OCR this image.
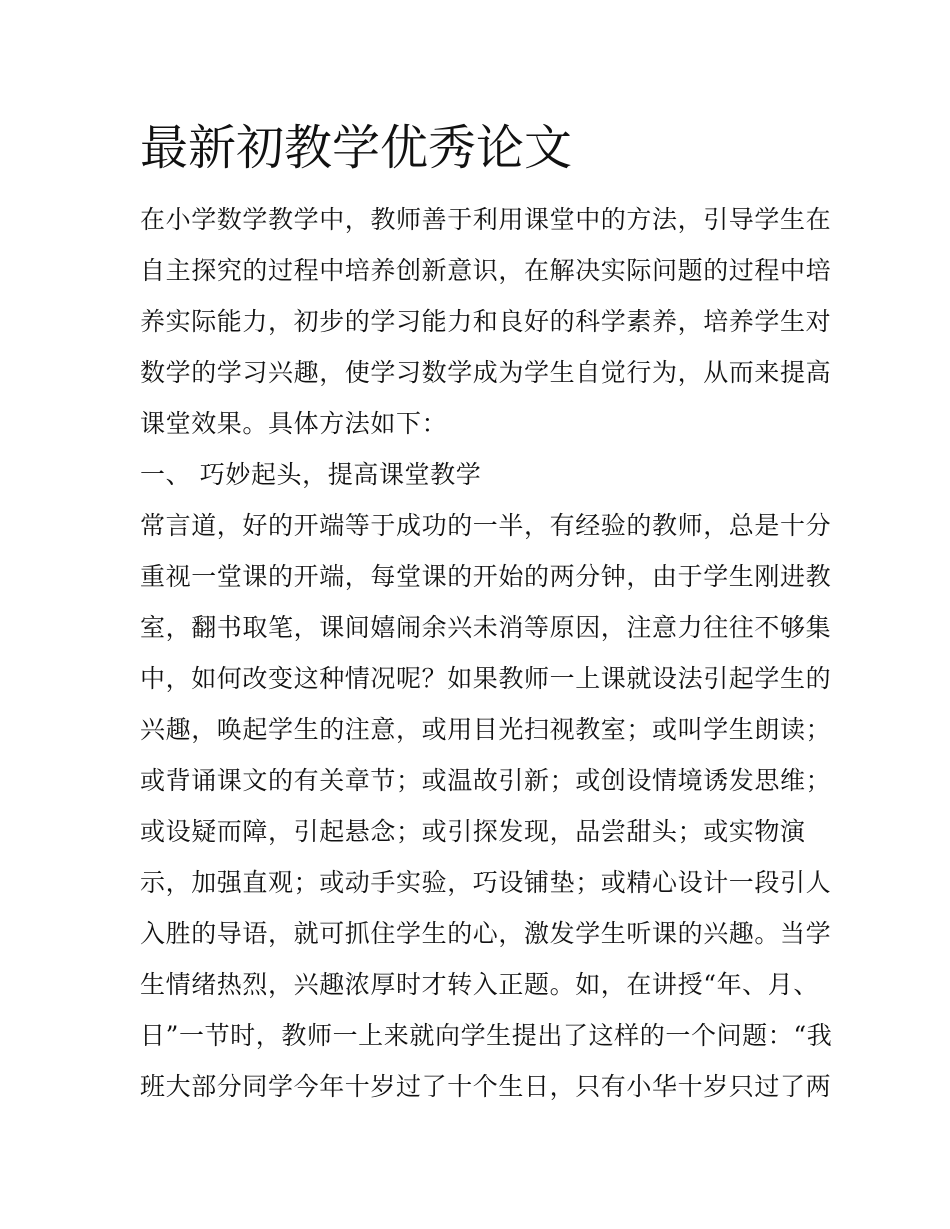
最新初教学优秀论文

在小学数学教学中，教师善于利用课堂中的方法，引导学生在

自主探究的过程中培养创新意识，在解决实际问题的过程中培

养实际能力，初步的学习能力和良好的科学素养，培养学生对

数学的学习兴趣，使学习数学成为学生自觉行为，从而来提高

课堂效果。具体方法如下：

一、 巧妙起头，提高课堂教学

常言道，好的开端等于成功的一半，有经验的教师，总是十分

重视一堂课的开端，每堂课的开始的两分钟，由于学生刚进教

室，翻书取笔，课间嬉闹余兴未消等原因，注意力往往不够集

中，如何改变这种情况呢？如果教师一上课就设法引起学生的

兴趣，唤起学生的注意，或用目光扫视教室；或叫学生朗读；

或背诵课文的有关章节；或温故引新；或创设情境诱发思维；

或设疑而障，引起悬念；或引探发现，品尝甜头；或实物演

示，加强直观；或动手实验，巧设铺垫；或精心设计一段引人

入胜的导语，就可抓住学生的心，激发学生听课的兴趣。当学

生情绪热烈，兴趣浓厚时才转入正题。如，在讲授“年、月、

日”一节时，教师一上来就向学生提出了这样的一个问题：“我

班大部分同学今年十岁过了十个生日，只有小华十岁只过了两
